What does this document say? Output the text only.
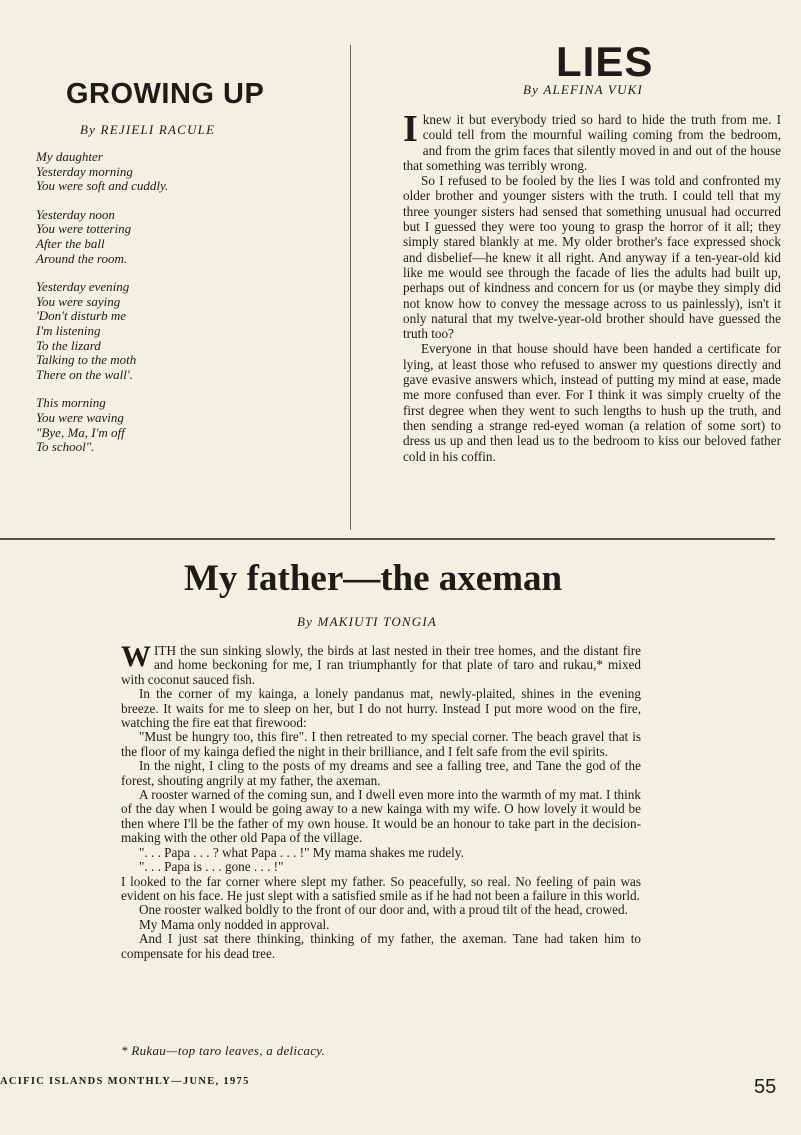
GROWING UP
By REJIELI RACULE
My daughter
Yesterday morning
You were soft and cuddly.
Yesterday noon
You were tottering
After the ball
Around the room.
Yesterday evening
You were saying
'Don't disturb me
I'm listening
To the lizard
Talking to the moth
There on the wall'.
This morning
You were waving
"Bye, Ma, I'm off
To school".
LIES
By ALEFINA VUKI

Iknew it but everybody tried so hard to hide the truth from me. I could tell from the mournful wailing coming from the bedroom, and from the grim faces that silently moved in and out of the house that something was terribly wrong.

So I refused to be fooled by the lies I was told and confronted my older brother and younger sisters with the truth. I could tell that my three younger sisters had sensed that something unusual had occurred but I guessed they were too young to grasp the horror of it all; they simply stared blankly at me. My older brother's face expressed shock and disbelief—he knew it all right. And anyway if a ten-year-old kid like me would see through the facade of lies the adults had built up, perhaps out of kindness and concern for us (or maybe they simply did not know how to convey the message across to us painlessly), isn't it only natural that my twelve-year-old brother should have guessed the truth too?

Everyone in that house should have been handed a certificate for lying, at least those who refused to answer my questions directly and gave evasive answers which, instead of putting my mind at ease, made me more confused than ever. For I think it was simply cruelty of the first degree when they went to such lengths to hush up the truth, and then sending a strange red-eyed woman (a relation of some sort) to dress us up and then lead us to the bedroom to kiss our beloved father cold in his coffin.

My father—the axeman
By MAKIUTI TONGIA

WITH the sun sinking slowly, the birds at last nested in their tree homes, and the distant fire and home beckoning for me, I ran triumphantly for that plate of taro and rukau,* mixed with coconut sauced fish.

In the corner of my kainga, a lonely pandanus mat, newly-plaited, shines in the evening breeze. It waits for me to sleep on her, but I do not hurry. Instead I put more wood on the fire, watching the fire eat that firewood:

"Must be hungry too, this fire". I then retreated to my special corner. The beach gravel that is the floor of my kainga defied the night in their brilliance, and I felt safe from the evil spirits.

In the night, I cling to the posts of my dreams and see a falling tree, and Tane the god of the forest, shouting angrily at my father, the axeman.

A rooster warned of the coming sun, and I dwell even more into the warmth of my mat. I think of the day when I would be going away to a new kainga with my wife. O how lovely it would be then where I'll be the father of my own house. It would be an honour to take part in the decision-making with the other old Papa of the village.

". . . Papa . . . ? what Papa . . . !" My mama shakes me rudely.

". . . Papa is . . . gone . . . !"

I looked to the far corner where slept my father. So peacefully, so real. No feeling of pain was evident on his face. He just slept with a satisfied smile as if he had not been a failure in this world.

One rooster walked boldly to the front of our door and, with a proud tilt of the head, crowed.

My Mama only nodded in approval.

And I just sat there thinking, thinking of my father, the axeman. Tane had taken him to compensate for his dead tree.

* Rukau—top taro leaves, a delicacy.
ACIFIC ISLANDS MONTHLY—JUNE, 1975	55
